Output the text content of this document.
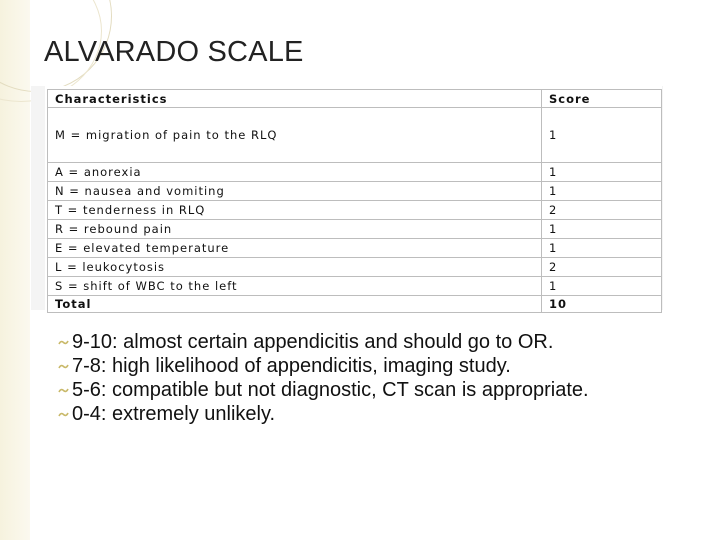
ALVARADO SCALE
Characteristics	Score
M = migration of pain to the RLQ	1
A = anorexia	1
N = nausea and vomiting	1
T = tenderness in RLQ	2
R = rebound pain	1
E = elevated temperature	1
L = leukocytosis	2
S = shift of WBC to the left	1
Total	10
9-10: almost certain appendicitis and should go to OR.
7-8: high likelihood of appendicitis, imaging study.
5-6: compatible but not diagnostic, CT scan is appropriate.
0-4: extremely unlikely.
